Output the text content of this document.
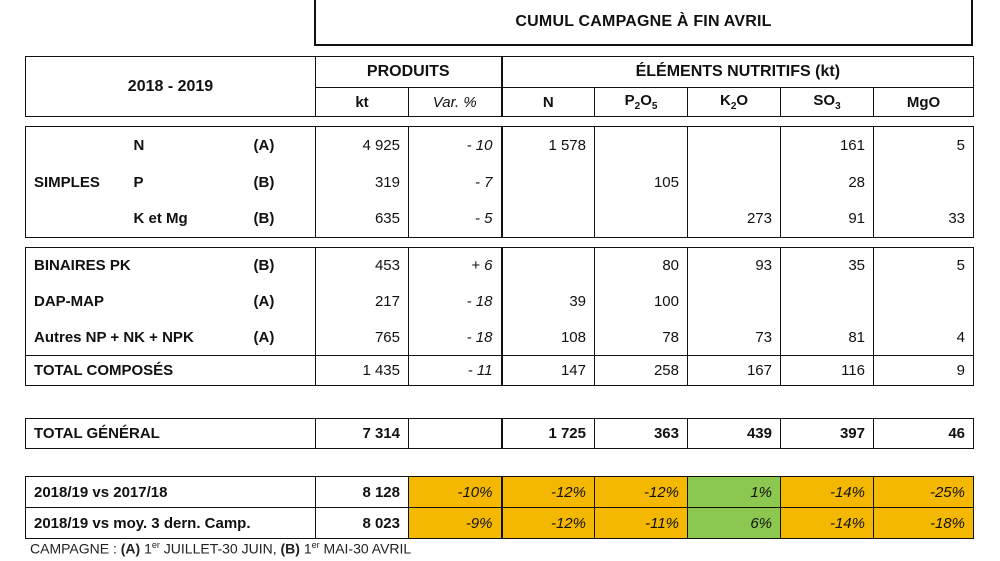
CUMUL CAMPAGNE À FIN AVRIL
2018 - 2019	PRODUITS		ÉLÉMENTS NUTRITIFS (kt)				
	kt	Var. %	N	$P_2O_5$	$K_2O$	$SO_3$	MgO
	N	(A)	4 925	- 10	1 578			161	5
SIMPLES	P	(B)	319	- 7		105		28	
	K et Mg	(B)	635	- 5			273	91	33
BINAIRES PK	(B)	453	+ 6		80	93	35	5
DAP-MAP	(A)	217	- 18	39	100			
Autres NP + NK + NPK	(A)	765	- 18	108	78	73	81	4
TOTAL COMPOSÉS		1 435	- 11	147	258	167	116	9
TOTAL GÉNÉRAL	7 314		1 725	363	439	397	46
2018/19 vs 2017/18	8 128	-10%	-12%	-12%	1%	-14%	-25%
2018/19 vs moy. 3 dern. Camp.	8 023	-9%	-12%	-11%	6%	-14%	-18%
CAMPAGNE : (A) 1er JUILLET-30 JUIN, (B) 1er MAI-30 AVRIL
